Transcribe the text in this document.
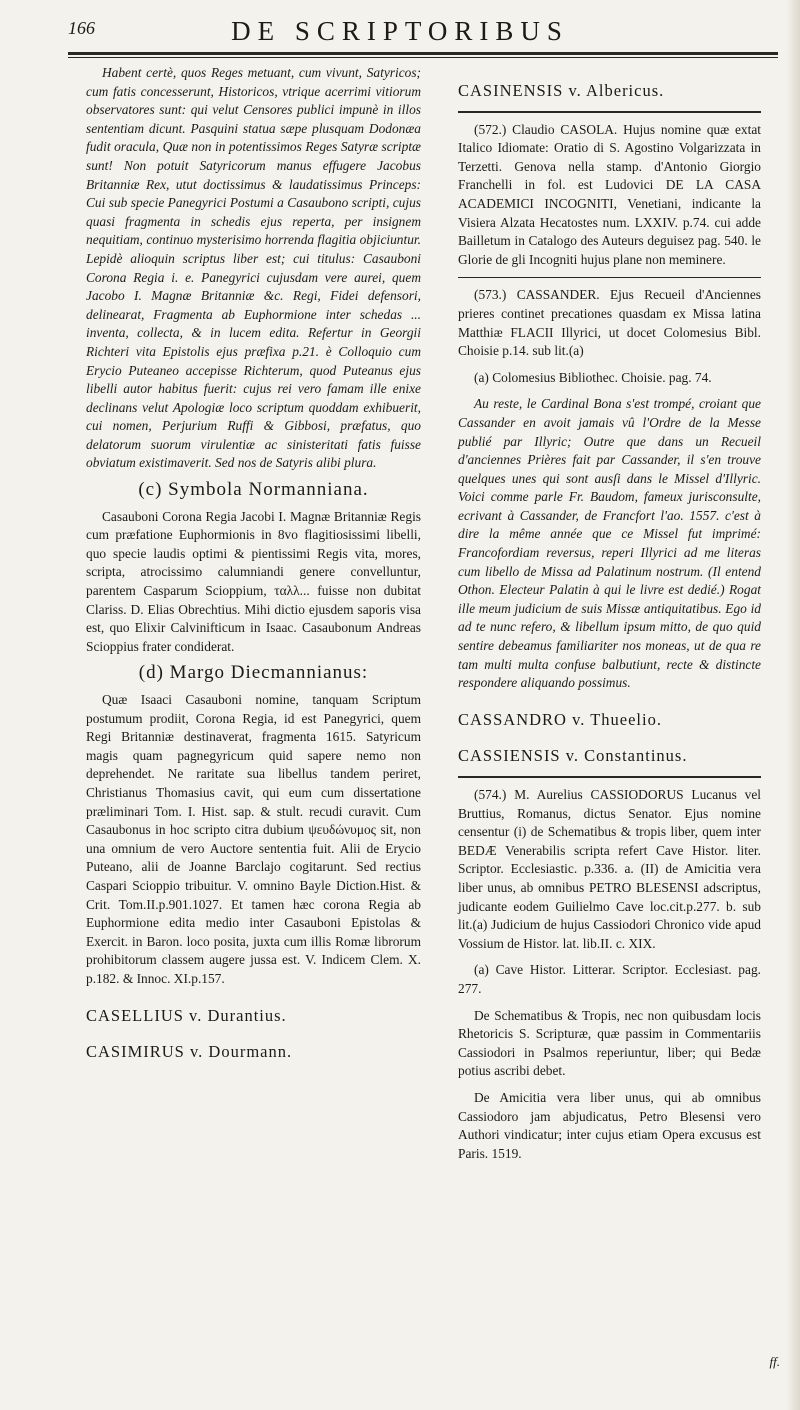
166	DE SCRIPTORIBUS

Habent certè, quos Reges metuant, cum vivunt, Satyricos; cum fatis concesserunt, Historicos, vtrique acerrimi vitiorum observatores sunt: qui velut Censores publici impunè in illos sententiam dicunt. Pasquini statua sæpe plusquam Dodonæa fudit oracula, Quæ non in potentissimos Reges Satyræ scriptæ sunt! Non potuit Satyricorum manus effugere Jacobus Britanniæ Rex, utut doctissimus & laudatissimus Princeps: Cui sub specie Panegyrici Postumi a Casaubono scripti, cujus quasi fragmenta in schedis ejus reperta, per insignem nequitiam, continuo mysterisimo horrenda flagitia objiciuntur. Lepidè alioquin scriptus liber est; cui titulus: Casauboni Corona Regia i. e. Panegyrici cujusdam vere aurei, quem Jacobo I. Magnæ Britanniæ &c. Regi, Fidei defensori, delinearat, Fragmenta ab Euphormione inter schedas ... inventa, collecta, & in lucem edita. Refertur in Georgii Richteri vita Epistolis ejus præfixa p.21. è Colloquio cum Erycio Puteaneo accepisse Richterum, quod Puteanus ejus libelli autor habitus fuerit: cujus rei vero famam ille enixe declinans velut Apologiæ loco scriptum quoddam exhibuerit, cui nomen, Perjurium Ruffi & Gibbosi, præfatus, quo delatorum suorum virulentiæ ac sinisteritati fatis fuisse obviatum existimaverit. Sed nos de Satyris alibi plura.

(c) Symbola Normanniana.

Casauboni Corona Regia Jacobi I. Magnæ Britanniæ Regis cum præfatione Euphormionis in 8vo flagitiosissimi libelli, quo specie laudis optimi & pientissimi Regis vita, mores, scripta, atrocissimo calumniandi genere convelluntur, parentem Casparum Scioppium, ταλλ... fuisse non dubitat Clariss. D. Elias Obrechtius. Mihi dictio ejusdem saporis visa est, quo Elixir Calvinifticum in Isaac. Casaubonum Andreas Scioppius frater condiderat.

(d) Margo Diecmannianus:

Quæ Isaaci Casauboni nomine, tanquam Scriptum postumum prodiit, Corona Regia, id est Panegyrici, quem Regi Britanniæ destinaverat, fragmenta 1615. Satyricum magis quam pagnegyricum quid sapere nemo non deprehendet. Ne raritate sua libellus tandem periret, Christianus Thomasius cavit, qui eum cum dissertatione præliminari Tom. I. Hist. sap. & stult. recudi curavit. Cum Casaubonus in hoc scripto citra dubium ψευδώνυμος sit, non una omnium de vero Auctore sententia fuit. Alii de Erycio Puteano, alii de Joanne Barclajo cogitarunt. Sed rectius Caspari Scioppio tribuitur. V. omnino Bayle Diction.Hist. & Crit. Tom.II.p.901.1027. Et tamen hæc corona Regia ab Euphormione edita medio inter Casauboni Epistolas & Exercit. in Baron. loco posita, juxta cum illis Romæ librorum prohibitorum classem augere jussa est. V. Indicem Clem. X. p.182. & Innoc. XI.p.157.

CASELLIUS v. Durantius.
CASIMIRUS v. Dourmann.
CASINENSIS v. Albericus.

(572.) Claudio CASOLA. Hujus nomine quæ extat Italico Idiomate: Oratio di S. Agostino Volgarizzata in Terzetti. Genova nella stamp. d'Antonio Giorgio Franchelli in fol. est Ludovici DE LA CASA ACADEMICI INCOGNITI, Venetiani, indicante la Visiera Alzata Hecatostes num. LXXIV. p.74. cui adde Bailletum in Catalogo des Auteurs deguisez pag. 540. le Glorie de gli Incogniti hujus plane non meminere.

(573.) CASSANDER. Ejus Recueil d'Anciennes prieres continet precationes quasdam ex Missa latina Matthiæ FLACII Illyrici, ut docet Colomesius Bibl. Choisie p.14. sub lit.(a)

(a) Colomesius Bibliothec. Choisie. pag. 74.

Au reste, le Cardinal Bona s'est trompé, croiant que Cassander en avoit jamais vû l'Ordre de la Messe publié par Illyric; Outre que dans un Recueil d'anciennes Prières fait par Cassander, il s'en trouve quelques unes qui sont ausſi dans le Missel d'Illyric. Voici comme parle Fr. Baudom, fameux jurisconsulte, ecrivant à Cassander, de Francfort l'ao. 1557. c'est à dire la même année que ce Missel fut imprimé: Francofordiam reversus, reperi Illyrici ad me literas cum libello de Missa ad Palatinum nostrum. (Il entend Othon. Electeur Palatin à qui le livre est dedié.) Rogat ille meum judicium de suis Missæ antiquitatibus. Ego id ad te nunc refero, & libellum ipsum mitto, de quo quid sentire debeamus familiariter nos moneas, ut de qua re tam multi multa confuse balbutiunt, recte & distincte respondere aliquando possimus.

CASSANDRO v. Thueelio.
CASSIENSIS v. Constantinus.

(574.) M. Aurelius CASSIODORUS Lucanus vel Bruttius, Romanus, dictus Senator. Ejus nomine censentur (i) de Schematibus & tropis liber, quem inter BEDÆ Venerabilis scripta refert Cave Histor. liter. Scriptor. Ecclesiastic. p.336. a. (II) de Amicitia vera liber unus, ab omnibus PETRO BLESENSI adscriptus, judicante eodem Guilielmo Cave loc.cit.p.277. b. sub lit.(a) Judicium de hujus Cassiodori Chronico vide apud Vossium de Histor. lat. lib.II. c. XIX.

(a) Cave Histor. Litterar. Scriptor. Ecclesiast. pag. 277.

De Schematibus & Tropis, nec non quibusdam locis Rhetoricis S. Scripturæ, quæ passim in Commentariis Cassiodori in Psalmos reperiuntur, liber; qui Bedæ potius ascribi debet.

De Amicitia vera liber unus, qui ab omnibus Cassiodoro jam abjudicatus, Petro Blesensi vero Authori vindicatur; inter cujus etiam Opera excusus est Paris. 1519.

ff.
